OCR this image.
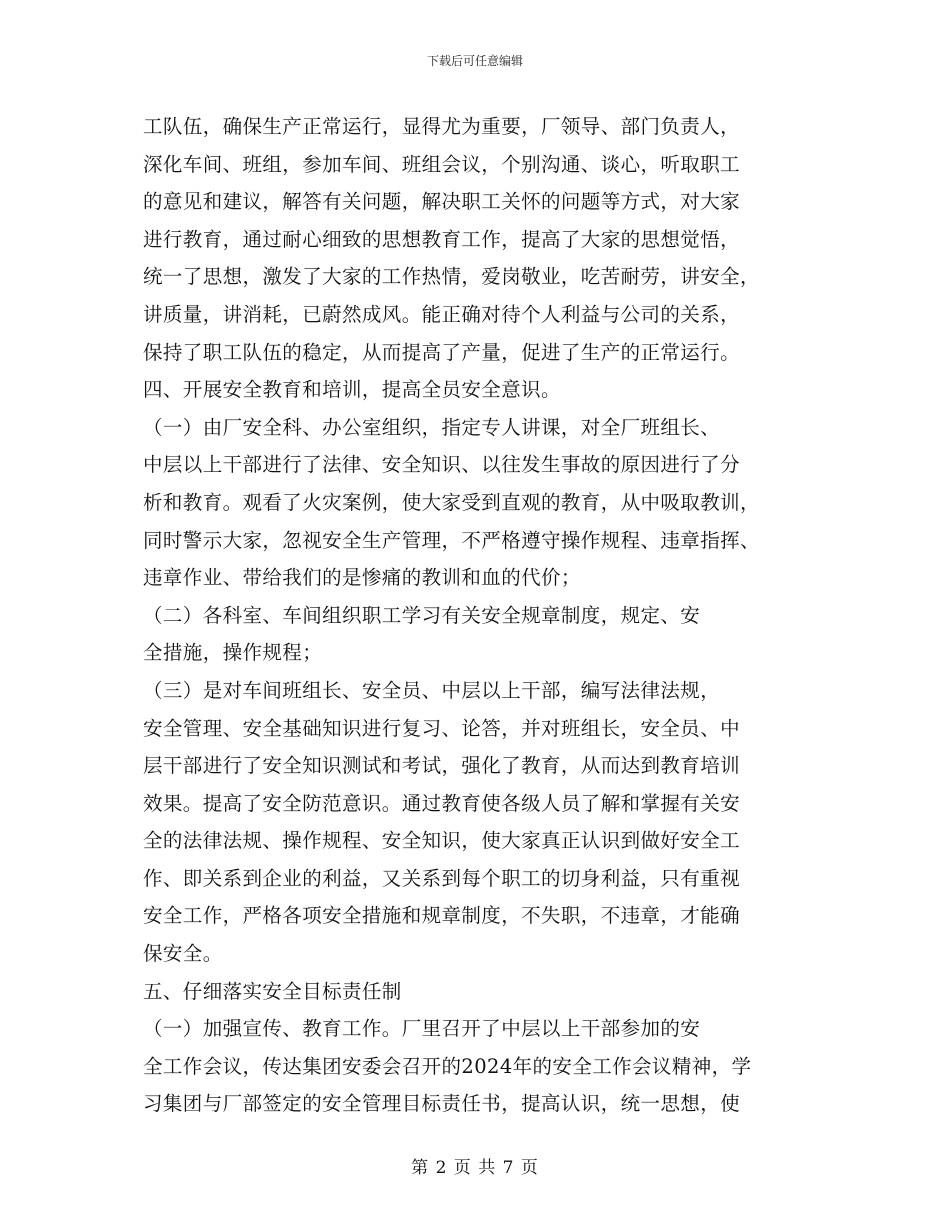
下载后可任意编辑
工队伍，确保生产正常运行，显得尤为重要，厂领导、部门负责人，
深化车间、班组，参加车间、班组会议，个别沟通、谈心，听取职工
的意见和建议，解答有关问题，解决职工关怀的问题等方式，对大家
进行教育，通过耐心细致的思想教育工作，提高了大家的思想觉悟，
统一了思想，激发了大家的工作热情，爱岗敬业，吃苦耐劳，讲安全，
讲质量，讲消耗，已蔚然成风。能正确对待个人利益与公司的关系，
保持了职工队伍的稳定，从而提高了产量，促进了生产的正常运行。
四、开展安全教育和培训，提高全员安全意识。
（一）由厂安全科、办公室组织，指定专人讲课，对全厂班组长、
中层以上干部进行了法律、安全知识、以往发生事故的原因进行了分
析和教育。观看了火灾案例，使大家受到直观的教育，从中吸取教训，
同时警示大家，忽视安全生产管理，不严格遵守操作规程、违章指挥、
违章作业、带给我们的是惨痛的教训和血的代价；
（二）各科室、车间组织职工学习有关安全规章制度，规定、安
全措施，操作规程；
（三）是对车间班组长、安全员、中层以上干部，编写法律法规，
安全管理、安全基础知识进行复习、论答，并对班组长，安全员、中
层干部进行了安全知识测试和考试，强化了教育，从而达到教育培训
效果。提高了安全防范意识。通过教育使各级人员了解和掌握有关安
全的法律法规、操作规程、安全知识，使大家真正认识到做好安全工
作、即关系到企业的利益，又关系到每个职工的切身利益，只有重视
安全工作，严格各项安全措施和规章制度，不失职，不违章，才能确
保安全。
五、仔细落实安全目标责任制
（一）加强宣传、教育工作。厂里召开了中层以上干部参加的安
全工作会议，传达集团安委会召开的2024年的安全工作会议精神，学
习集团与厂部签定的安全管理目标责任书，提高认识，统一思想，使
第 2 页 共 7 页
